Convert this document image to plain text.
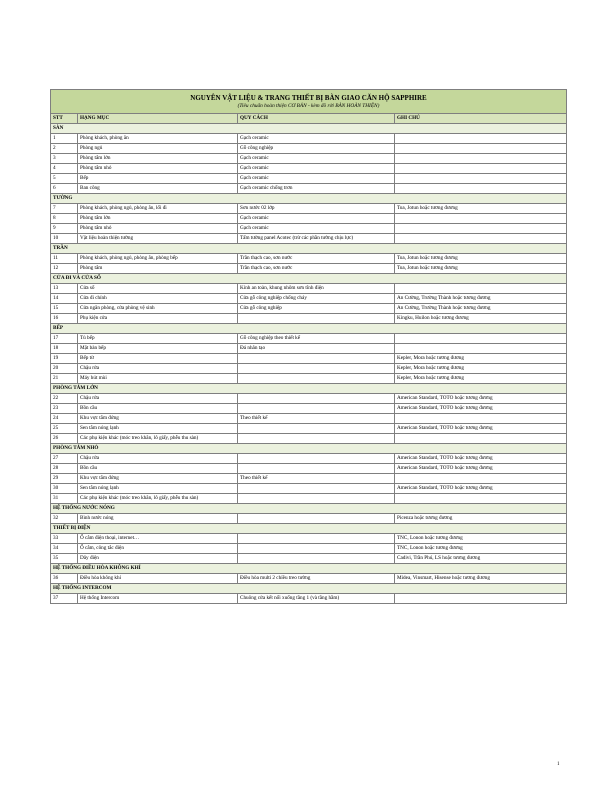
NGUYÊN VẬT LIỆU & TRANG THIẾT BỊ BÀN GIAO CĂN HỘ SAPPHIRE
(Tiêu chuẩn hoàn thiện CƠ BẢN - kèm đồ rời BÀN HOÀN THIỆN)			

STT	HẠNG MỤC	QUY CÁCH	GHI CHÚ
SÀN			
1	Phòng khách, phòng ăn	Gạch ceramic	
2	Phòng ngủ	Gỗ công nghiệp	
3	Phòng tắm lớn	Gạch ceramic	
4	Phòng tắm nhỏ	Gạch ceramic	
5	Bếp	Gạch ceramic	
6	Ban công	Gạch ceramic chống trơn	
TƯỜNG			
7	Phòng khách, phòng ngủ, phòng ăn, lối đi	Sơn nước 02 lớp	Toa, Jotun hoặc tương đương
8	Phòng tắm lớn	Gạch ceramic	
9	Phòng tắm nhỏ	Gạch ceramic	
10	Vật liệu hoàn thiện tường	Tấm tường panel Acotec (trừ các phần tường chịu lực)	
TRẦN			
11	Phòng khách, phòng ngủ, phòng ăn, phòng bếp	Trần thạch cao, sơn nước	Toa, Jotun hoặc tương đương
12	Phòng tắm	Trần thạch cao, sơn nước	Toa, Jotun hoặc tương đương
CỬA ĐI VÀ CỬA SỔ			
13	Cửa sổ	Kính an toàn, khung nhôm sơn tĩnh điện	
14	Cửa đi chính	Cửa gỗ công nghiệp chống cháy	An Cường, Trường Thành hoặc tương đương
15	Cửa ngăn phòng, cửa phòng vệ sinh	Cửa gỗ công nghiệp	An Cường, Trường Thành hoặc tương đương
16	Phụ kiện cửa		Kingku, Huilon hoặc tương đương
BẾP			
17	Tủ bếp	Gỗ công nghiệp theo thiết kế	
18	Mặt bàn bếp	Đá nhân tạo	
19	Bếp từ		Kepler, Mora hoặc tương đương
20	Chậu rửa		Kepler, Mora hoặc tương đương
21	Máy hút mùi		Kepler, Mora hoặc tương đương
PHÒNG TẮM LỚN			
22	Chậu rửa		American Standard, TOTO hoặc tương đương
23	Bồn cầu		American Standard, TOTO hoặc tương đương
24	Khu vực tắm đứng	Theo thiết kế	
25	Sen tắm nóng lạnh		American Standard, TOTO hoặc tương đương
26	Các phụ kiện khác (móc treo khăn, lô giấy, phễu thu sàn)		
PHÒNG TẮM NHỎ			
27	Chậu rửa		American Standard, TOTO hoặc tương đương
28	Bồn cầu		American Standard, TOTO hoặc tương đương
29	Khu vực tắm đứng	Theo thiết kế	
30	Sen tắm nóng lạnh		American Standard, TOTO hoặc tương đương
31	Các phụ kiện khác (móc treo khăn, lô giấy, phễu thu sàn)		
HỆ THỐNG NƯỚC NÓNG			
32	Bình nước nóng		Picenza hoặc tương đương
THIẾT BỊ ĐIỆN			
33	Ổ cắm điện thoại, internet…		TNC, Lonon hoặc tương đương
34	Ổ cắm, công tắc điện		TNC, Lonon hoặc tương đương
35	Dây điện		Cadivi, Trần Phú, LS hoặc tương đương
HỆ THỐNG ĐIỀU HÒA KHÔNG KHÍ			
36	Điều hòa không khí	Điều hòa multi 2 chiều treo tường	Midea, Vinsmart, Hisense hoặc tương đương
HỆ THỐNG INTERCOM			
37	Hệ thống Intercom	Chuông cửa kết nối xuống tầng 1 (và tầng hầm)	
1
